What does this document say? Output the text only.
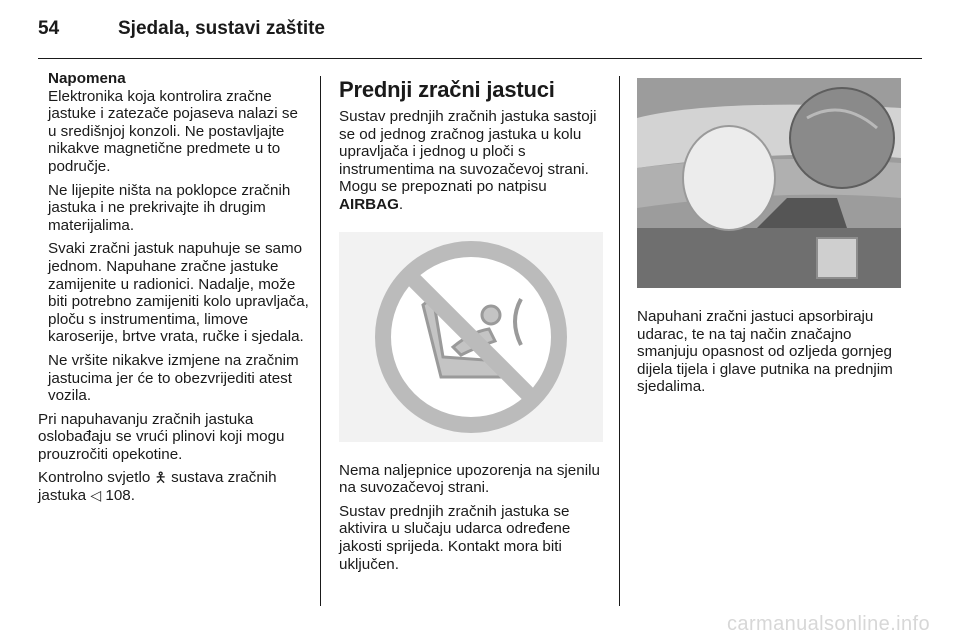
54	Sjedala, sustavi zaštite

Napomena

Elektronika koja kontrolira zračne jastuke i zatezače pojaseva nalazi se u središnjoj konzoli. Ne postavljajte nikakve magnetične predmete u to područje.

Ne lijepite ništa na poklopce zračnih jastuka i ne prekrivajte ih drugim materijalima.

Svaki zračni jastuk napuhuje se samo jednom. Napuhane zračne jastuke zamijenite u radionici. Nadalje, može biti potrebno zamijeniti kolo upravljača, ploču s instrumentima, limove karoserije, brtve vrata, ručke i sjedala.

Ne vršite nikakve izmjene na zračnim jastucima jer će to obezvrijediti atest vozila.

Pri napuhavanju zračnih jastuka oslobađaju se vrući plinovi koji mogu prouzročiti opekotine.

Kontrolno svjetlo 🯅 sustava zračnih jastuka ◁ 108.

Prednji zračni jastuci

Sustav prednjih zračnih jastuka sastoji se od jednog zračnog jastuka u kolu upravljača i jednog u ploči s instrumentima na suvozačevoj strani. Mogu se prepoznati po natpisu AIRBAG.

Nema naljepnice upozorenja na sjenilu na suvozačevoj strani.

Sustav prednjih zračnih jastuka se aktivira u slučaju udarca određene jakosti sprijeda. Kontakt mora biti uključen.

Napuhani zračni jastuci apsorbiraju udarac, te na taj način značajno smanjuju opasnost od ozljeda gornjeg dijela tijela i glave putnika na prednjim sjedalima.

carmanualsonline.info
